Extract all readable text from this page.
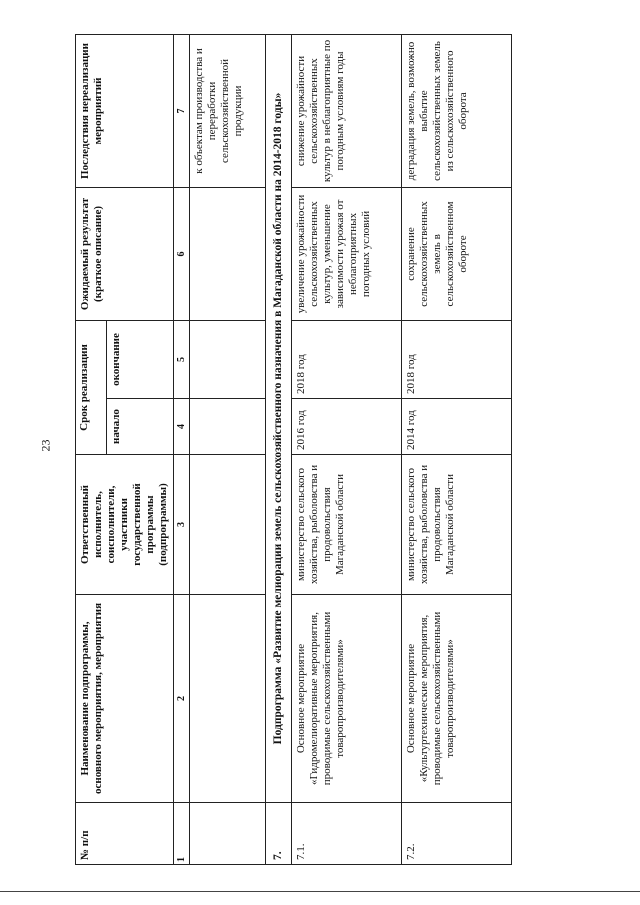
23
№ п/п	Наименование подпрограммы, основного мероприятия, мероприятия	Ответственный исполнитель, соисполнители, участники государственной программы (подпрограммы)	Срок реализации		Ожидаемый результат (краткое описание)	Последствия нереализации мероприятий
			начало	окончание		
1	2	3	4	5	6	7
						к объектам производства и переработки сельскохозяйственной продукции
7.	Подпрограмма «Развитие мелиорации земель сельскохозяйственного назначения в Магаданской области на 2014-2018 годы»					
7.1.	Основное мероприятие «Гидромелиоративные мероприятия, проводимые сельскохозяйственными товаропроизводителями»	министерство сельского хозяйства, рыболовства и продовольствия Магаданской области	2016 год	2018 год	увеличение урожайности сельскохозяйственных культур, уменьшение зависимости урожая от неблагоприятных погодных условий	снижение урожайности сельскохозяйственных культур в неблагоприятные по погодным условиям годы
7.2.	Основное мероприятие «Культуртехнические мероприятия, проводимые сельскохозяйственными товаропроизводителями»	министерство сельского хозяйства, рыболовства и продовольствия Магаданской области	2014 год	2018 год	сохранение сельскохозяйственных земель в сельскохозяйственном обороте	деградация земель, возможно выбытие сельскохозяйственных земель из сельскохозяйственного оборота
